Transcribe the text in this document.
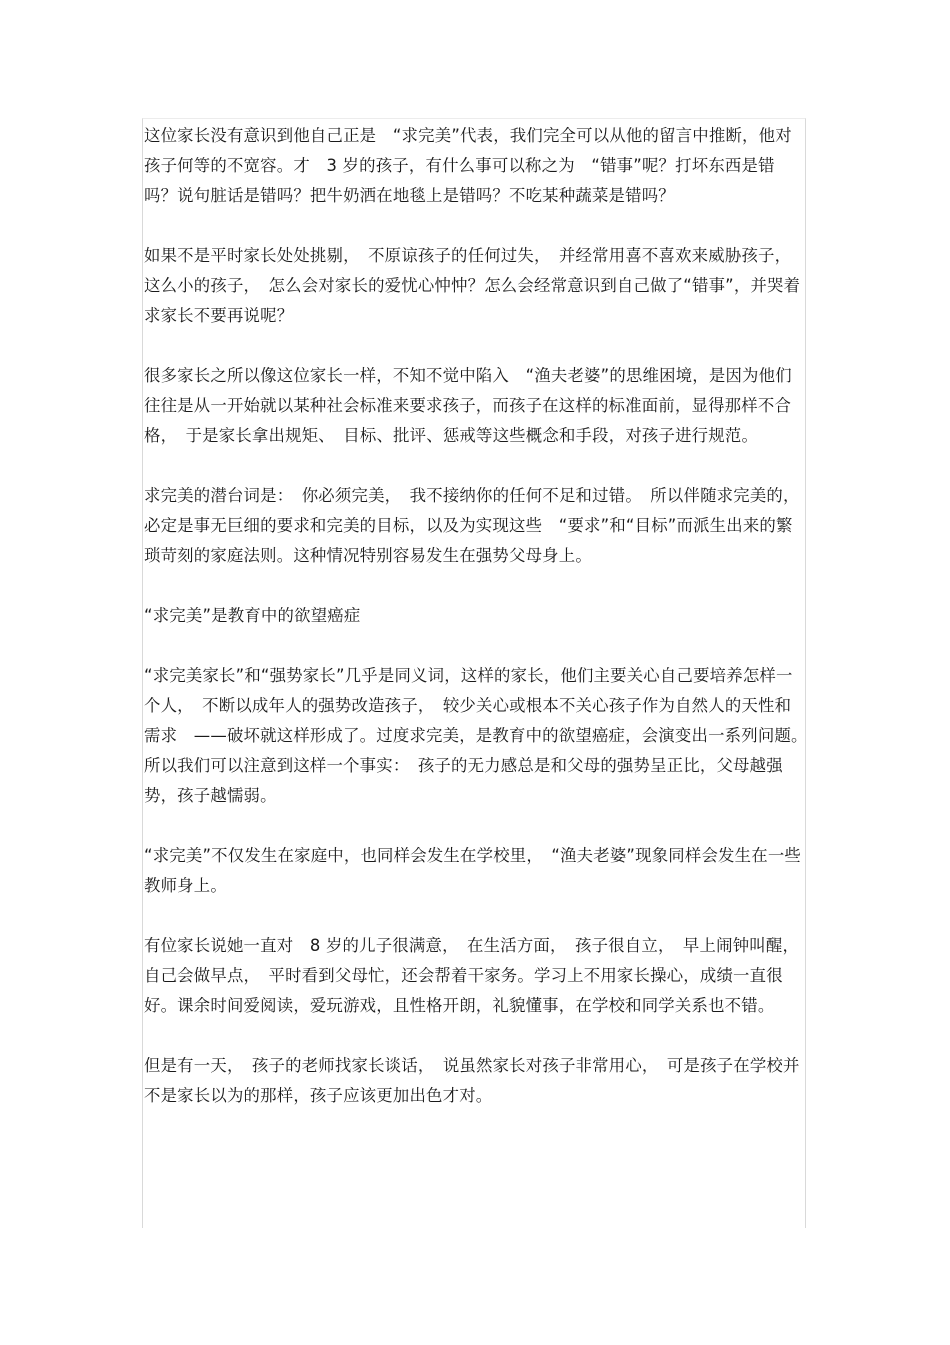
这位家长没有意识到他自己正是　“求完美”代表，我们完全可以从他的留言中推断，他对孩子何等的不宽容。才　3 岁的孩子，有什么事可以称之为　“错事”呢？打坏东西是错吗？说句脏话是错吗？把牛奶洒在地毯上是错吗？不吃某种蔬菜是错吗？

如果不是平时家长处处挑剔，　不原谅孩子的任何过失，　并经常用喜不喜欢来威胁孩子，这么小的孩子，　怎么会对家长的爱忧心忡忡？怎么会经常意识到自己做了“错事”，并哭着求家长不要再说呢？

很多家长之所以像这位家长一样，不知不觉中陷入　“渔夫老婆”的思维困境，是因为他们往往是从一开始就以某种社会标准来要求孩子，而孩子在这样的标准面前，显得那样不合格，　于是家长拿出规矩、　目标、批评、惩戒等这些概念和手段，对孩子进行规范。

求完美的潜台词是：　你必须完美，　我不接纳你的任何不足和过错。　所以伴随求完美的，必定是事无巨细的要求和完美的目标，以及为实现这些　“要求”和“目标”而派生出来的繁琐苛刻的家庭法则。这种情况特别容易发生在强势父母身上。

“求完美”是教育中的欲望癌症

“求完美家长”和“强势家长”几乎是同义词，这样的家长，他们主要关心自己要培养怎样一个人，　不断以成年人的强势改造孩子，　较少关心或根本不关心孩子作为自然人的天性和需求　——破坏就这样形成了。过度求完美，是教育中的欲望癌症，会演变出一系列问题。　所以我们可以注意到这样一个事实：　孩子的无力感总是和父母的强势呈正比，父母越强势，孩子越懦弱。

“求完美”不仅发生在家庭中，也同样会发生在学校里，　“渔夫老婆”现象同样会发生在一些教师身上。

有位家长说她一直对　8 岁的儿子很满意，　在生活方面，　孩子很自立，　早上闹钟叫醒，自己会做早点，　平时看到父母忙，还会帮着干家务。学习上不用家长操心，成绩一直很好。课余时间爱阅读，爱玩游戏，且性格开朗，礼貌懂事，在学校和同学关系也不错。

但是有一天，　孩子的老师找家长谈话，　说虽然家长对孩子非常用心，　可是孩子在学校并不是家长以为的那样，孩子应该更加出色才对。
